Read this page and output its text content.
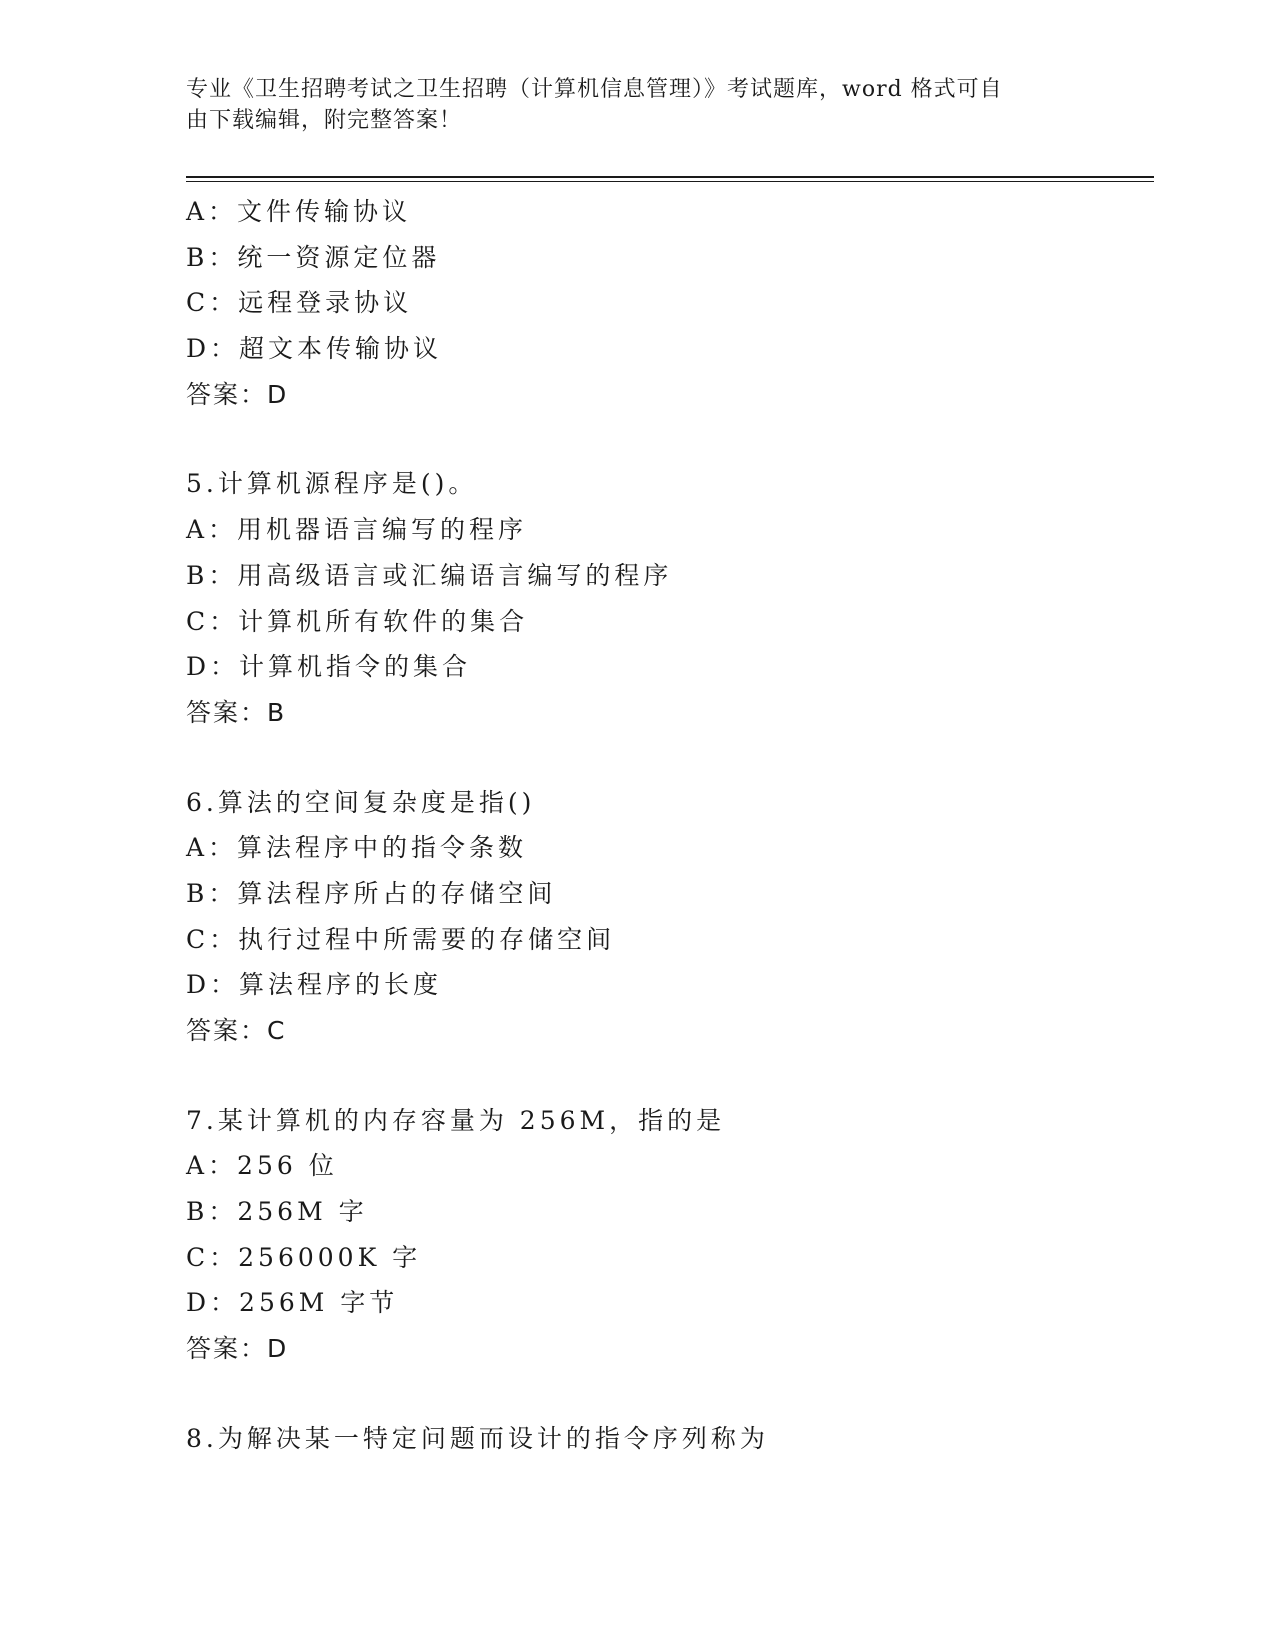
专业《卫生招聘考试之卫生招聘（计算机信息管理）》考试题库，word 格式可自
由下载编辑，附完整答案！
A：文件传输协议
B：统一资源定位器
C：远程登录协议
D：超文本传输协议
答案：D
5.计算机源程序是()。
A：用机器语言编写的程序
B：用高级语言或汇编语言编写的程序
C：计算机所有软件的集合
D：计算机指令的集合
答案：B
6.算法的空间复杂度是指()
A：算法程序中的指令条数
B：算法程序所占的存储空间
C：执行过程中所需要的存储空间
D：算法程序的长度
答案：C
7.某计算机的内存容量为 256M，指的是
A：256 位
B：256M 字
C：256000K 字
D：256M 字节
答案：D
8.为解决某一特定问题而设计的指令序列称为
